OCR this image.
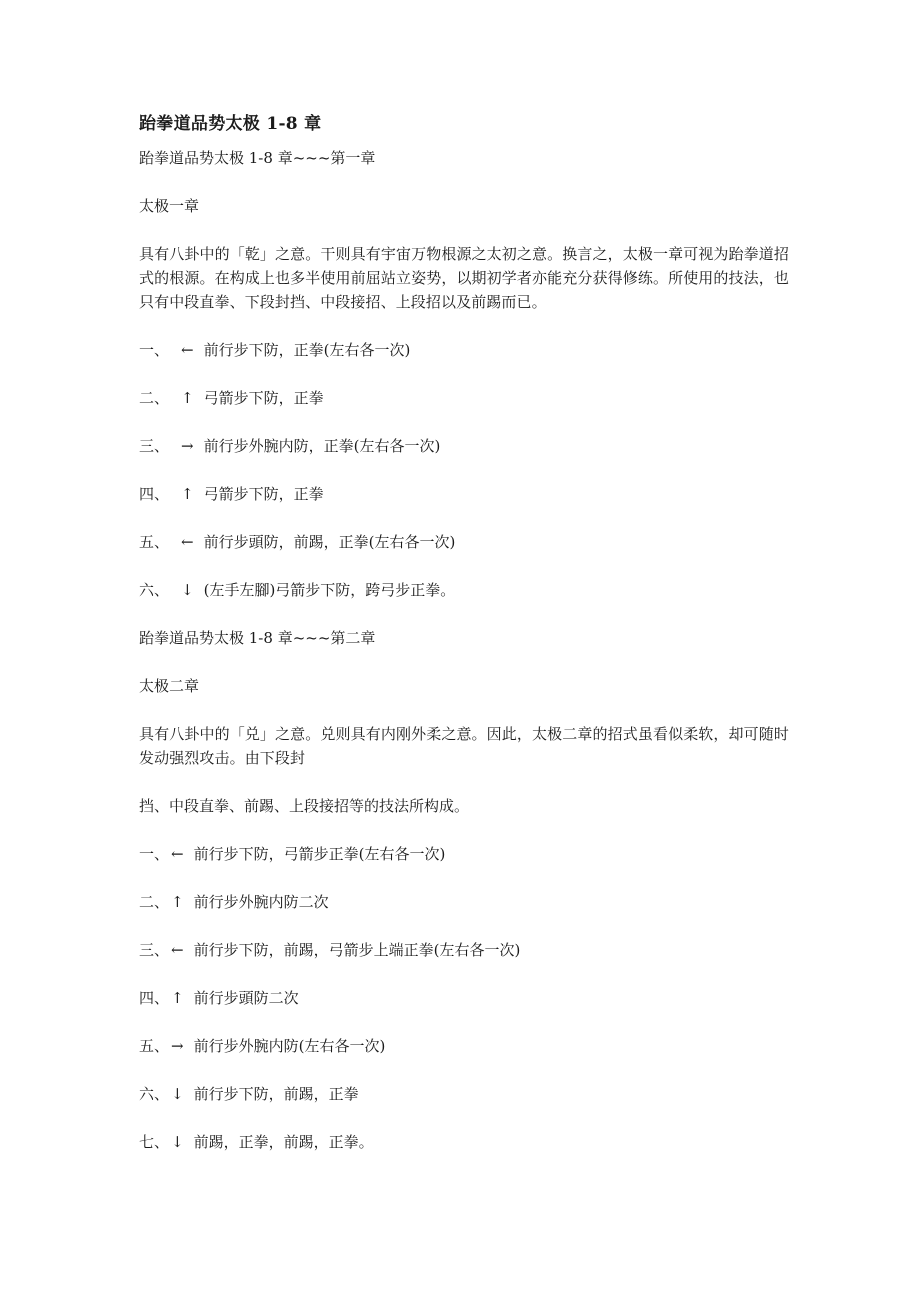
跆拳道品势太极 1-8 章

跆拳道品势太极 1-8 章~~~第一章

太极一章

具有八卦中的「乾」之意。干则具有宇宙万物根源之太初之意。换言之，太极一章可视为跆拳道招式的根源。在构成上也多半使用前屈站立姿势，以期初学者亦能充分获得修练。所使用的技法，也只有中段直拳、下段封挡、中段接招、上段招以及前踢而已。

一、 ← 前行步下防，正拳(左右各一次)

二、 ↑ 弓箭步下防，正拳

三、 → 前行步外腕内防，正拳(左右各一次)

四、 ↑ 弓箭步下防，正拳

五、 ← 前行步頭防，前踢，正拳(左右各一次)

六、 ↓ (左手左腳)弓箭步下防，跨弓步正拳。

跆拳道品势太极 1-8 章~~~第二章

太极二章

具有八卦中的「兑」之意。兑则具有内刚外柔之意。因此，太极二章的招式虽看似柔软，却可随时发动强烈攻击。由下段封

挡、中段直拳、前踢、上段接招等的技法所构成。

一、 ← 前行步下防，弓箭步正拳(左右各一次)

二、 ↑ 前行步外腕内防二次

三、 ← 前行步下防，前踢，弓箭步上端正拳(左右各一次)

四、 ↑ 前行步頭防二次

五、 → 前行步外腕内防(左右各一次)

六、 ↓ 前行步下防，前踢，正拳

七、 ↓ 前踢，正拳，前踢，正拳。
